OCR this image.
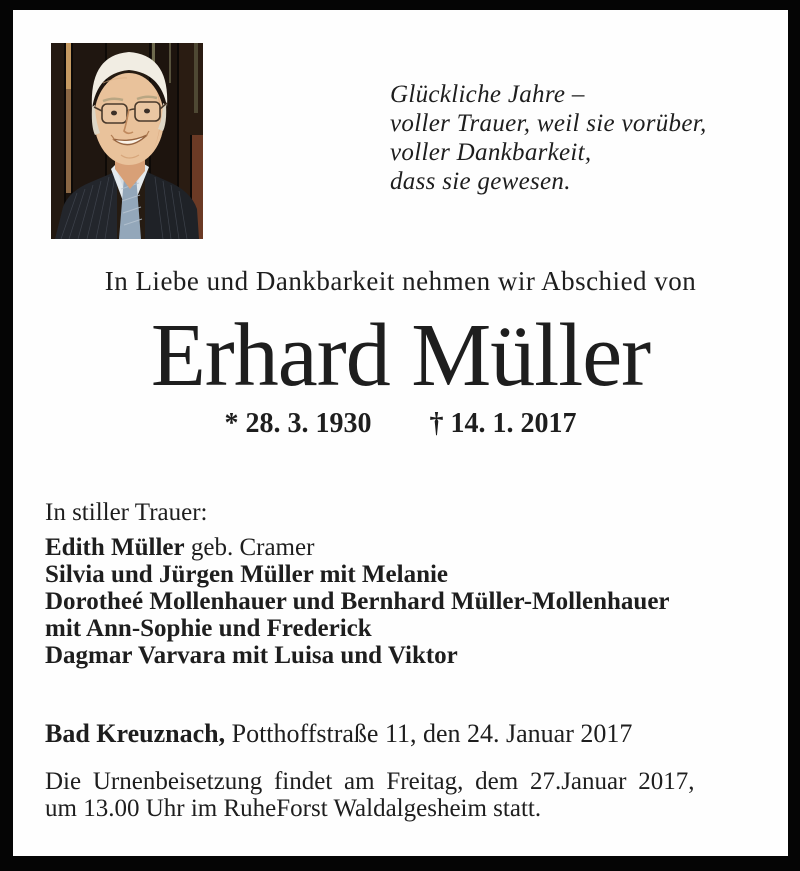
Glückliche Jahre –
voller Trauer, weil sie vorüber,
voller Dankbarkeit,
dass sie gewesen.
In Liebe und Dankbarkeit nehmen wir Abschied von
Erhard Müller
* 28. 3. 1930 † 14. 1. 2017
In stiller Trauer:
Edith Müller geb. Cramer
Silvia und Jürgen Müller mit Melanie
Dorotheé Mollenhauer und Bernhard Müller-Mollenhauer
mit Ann-Sophie und Frederick
Dagmar Varvara mit Luisa und Viktor
Bad Kreuznach, Potthoffstraße 11, den 24. Januar 2017
Die Urnenbeisetzung findet am Freitag, dem 27.Januar 2017,
um 13.00 Uhr im RuheForst Waldalgesheim statt.
